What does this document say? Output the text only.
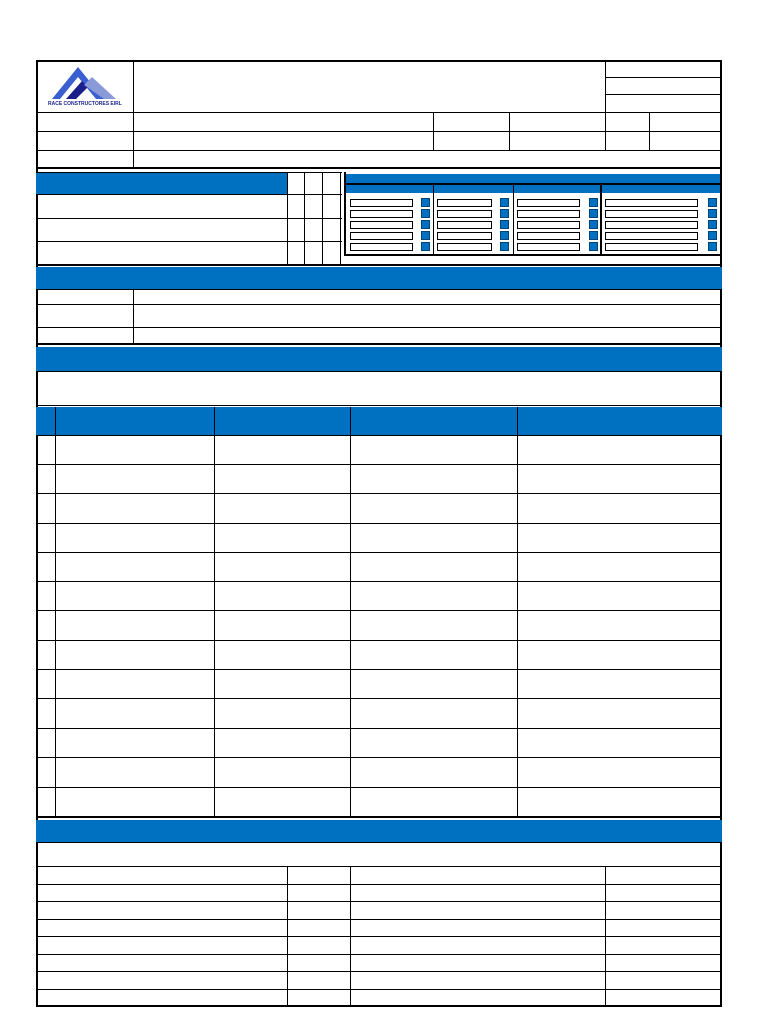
RACE CONSTRUCTORES EIRL
